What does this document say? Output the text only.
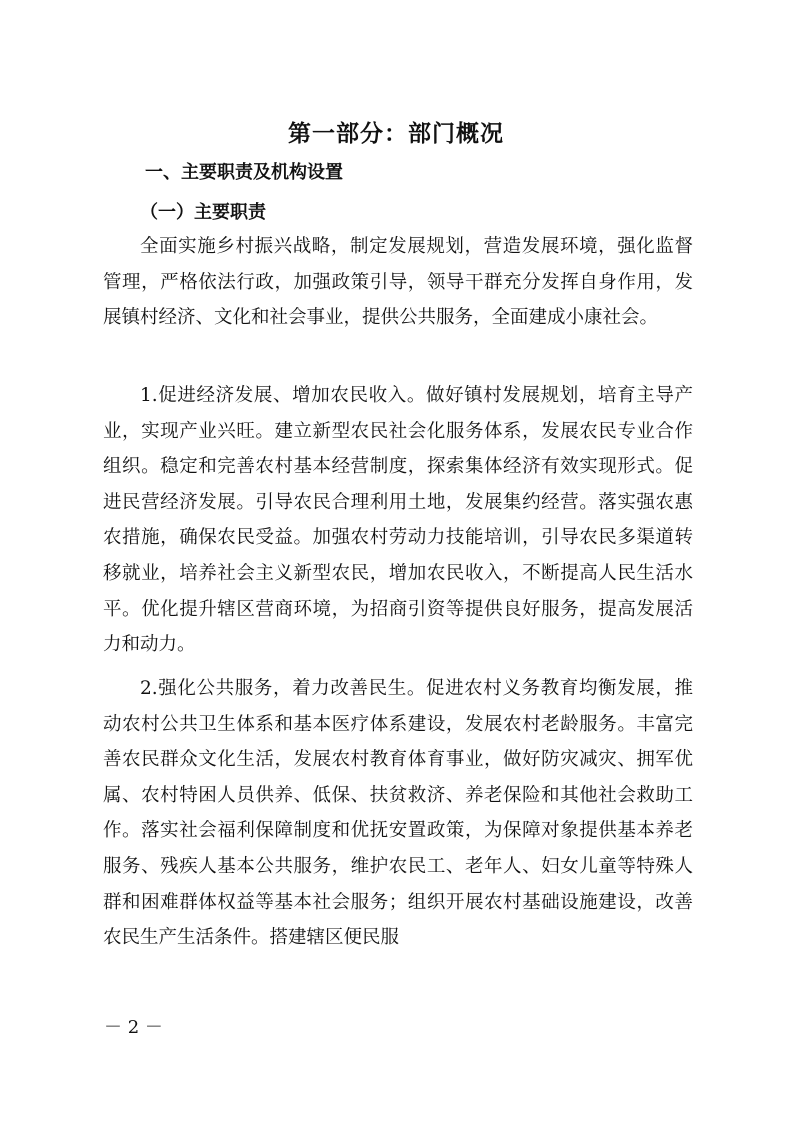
第一部分：部门概况
一、主要职责及机构设置
（一）主要职责

全面实施乡村振兴战略，制定发展规划，营造发展环境，强化监督管理，严格依法行政，加强政策引导，领导干群充分发挥自身作用，发展镇村经济、文化和社会事业，提供公共服务，全面建成小康社会。

1.促进经济发展、增加农民收入。做好镇村发展规划，培育主导产业，实现产业兴旺。建立新型农民社会化服务体系，发展农民专业合作组织。稳定和完善农村基本经营制度，探索集体经济有效实现形式。促进民营经济发展。引导农民合理利用土地，发展集约经营。落实强农惠农措施，确保农民受益。加强农村劳动力技能培训，引导农民多渠道转移就业，培养社会主义新型农民，增加农民收入，不断提高人民生活水平。优化提升辖区营商环境，为招商引资等提供良好服务，提高发展活力和动力。

2.强化公共服务，着力改善民生。促进农村义务教育均衡发展，推动农村公共卫生体系和基本医疗体系建设，发展农村老龄服务。丰富完善农民群众文化生活，发展农村教育体育事业，做好防灾减灾、拥军优属、农村特困人员供养、低保、扶贫救济、养老保险和其他社会救助工作。落实社会福利保障制度和优抚安置政策，为保障对象提供基本养老服务、残疾人基本公共服务，维护农民工、老年人、妇女儿童等特殊人群和困难群体权益等基本社会服务；组织开展农村基础设施建设，改善农民生产生活条件。搭建辖区便民服

－ 2 －
